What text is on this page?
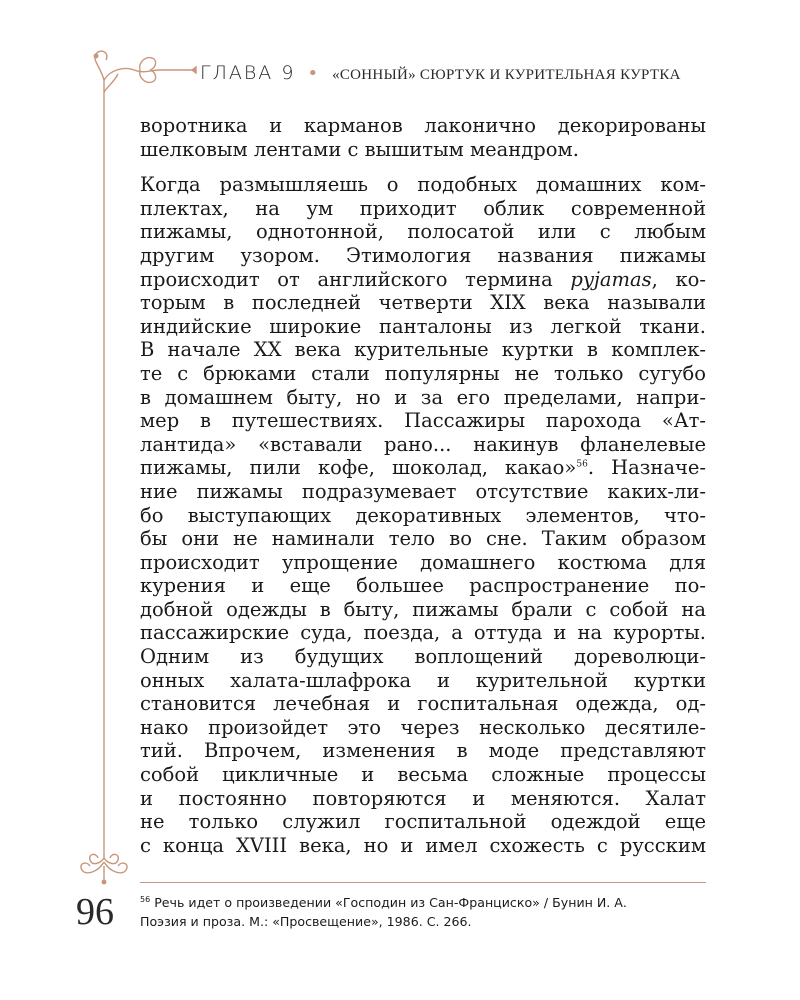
ГЛАВА 9 • «СОННЫЙ» СЮРТУК И КУРИТЕЛЬНАЯ КУРТКА
воротника и карманов лаконично декорированы
шелковым лентами с вышитым меандром.
Когда размышляешь о подобных домашних ком-
плектах, на ум приходит облик современной
пижамы, однотонной, полосатой или с любым
другим узором. Этимология названия пижамы
происходит от английского термина pyjamas, ко-
торым в последней четверти XIX века называли
индийские широкие панталоны из легкой ткани.
В начале XX века курительные куртки в комплек-
те с брюками стали популярны не только сугубо
в домашнем быту, но и за его пределами, напри-
мер в путешествиях. Пассажиры парохода «Ат-
лантида» «вставали рано... накинув фланелевые
пижамы, пили кофе, шоколад, какао»$^{56}$. Назначе-
ние пижамы подразумевает отсутствие каких-ли-
бо выступающих декоративных элементов, что-
бы они не наминали тело во сне. Таким образом
происходит упрощение домашнего костюма для
курения и еще большее распространение по-
добной одежды в быту, пижамы брали с собой на
пассажирские суда, поезда, а оттуда и на курорты.
Одним из будущих воплощений дореволюци-
онных халата-шлафрока и курительной куртки
становится лечебная и госпитальная одежда, од-
нако произойдет это через несколько десятиле-
тий. Впрочем, изменения в моде представляют
собой цикличные и весьма сложные процессы
и постоянно повторяются и меняются. Халат
не только служил госпитальной одеждой еще
с конца XVIII века, но и имел схожесть с русским
$^{56}$ Речь идет о произведении «Господин из Сан-Франциско» / Бунин И. А.
Поэзия и проза. М.: «Просвещение», 1986. С. 266.
96
